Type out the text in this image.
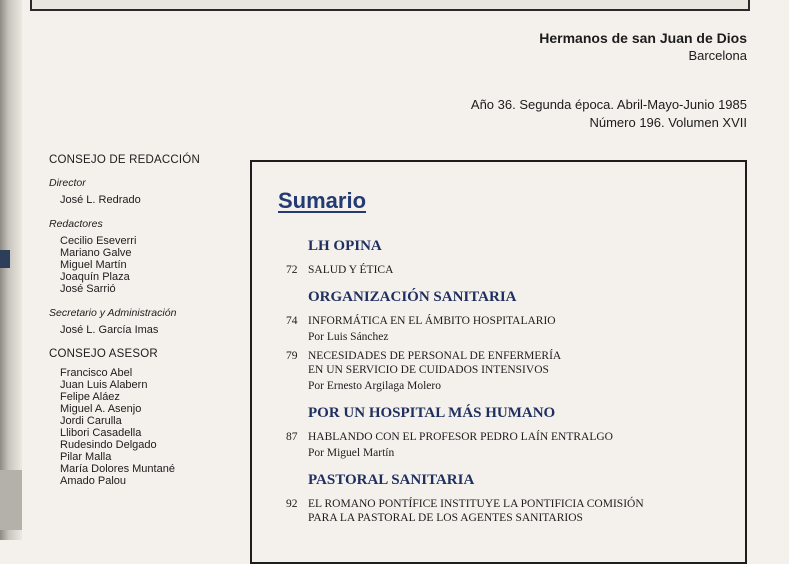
Hermanos de san Juan de Dios
Barcelona
Año 36. Segunda época. Abril-Mayo-Junio 1985
Número 196. Volumen XVII
CONSEJO DE REDACCIÓN
Director
José L. Redrado
Redactores
Cecilio Eseverri
Mariano Galve
Miguel Martín
Joaquín Plaza
José Sarrió
Secretario y Administración
José L. García Imas
CONSEJO ASESOR
Francisco Abel
Juan Luis Alabern
Felipe Aláez
Miguel A. Asenjo
Jordi Carulla
Llibori Casadella
Rudesindo Delgado
Pilar Malla
María Dolores Muntané
Amado Palou
Sumario
LH OPINA
72 SALUD Y ÉTICA
ORGANIZACIÓN SANITARIA
74 INFORMÁTICA EN EL ÁMBITO HOSPITALARIO
Por Luis Sánchez
79 NECESIDADES DE PERSONAL DE ENFERMERÍA
EN UN SERVICIO DE CUIDADOS INTENSIVOS
Por Ernesto Argilaga Molero
POR UN HOSPITAL MÁS HUMANO
87 HABLANDO CON EL PROFESOR PEDRO LAÍN ENTRALGO
Por Miguel Martín
PASTORAL SANITARIA
92 EL ROMANO PONTÍFICE INSTITUYE LA PONTIFICIA COMISIÓN
PARA LA PASTORAL DE LOS AGENTES SANITARIOS
